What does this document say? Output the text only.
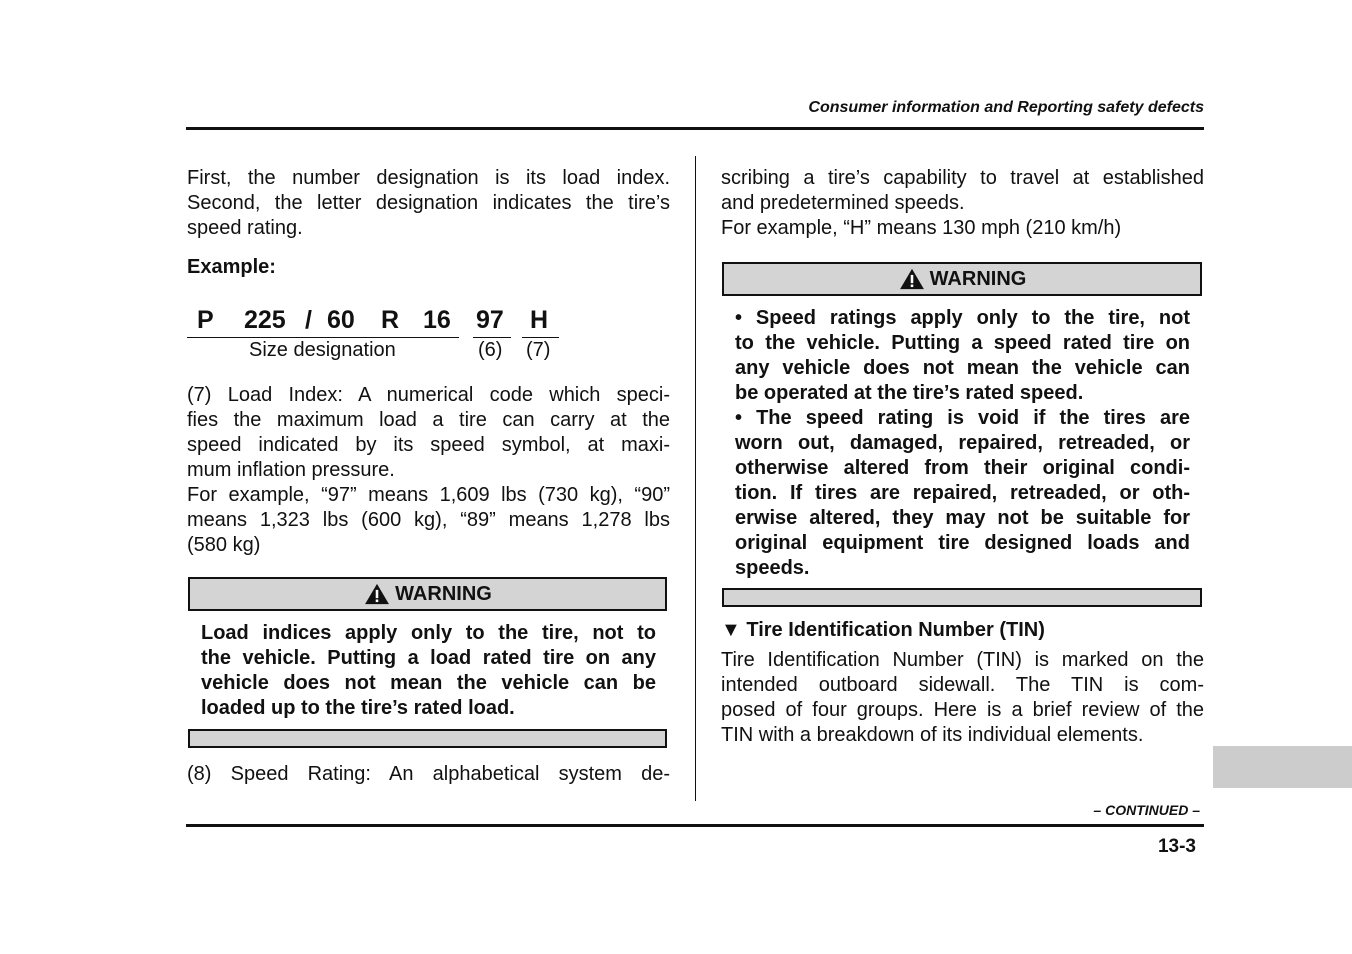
Consumer information and Reporting safety defects
First, the number designation is its load index.
Second, the letter designation indicates the tire’s
speed rating.
Example:
P 225 / 60 R 16 97 H
Size designation	(6) (7)
(7) Load Index: A numerical code which speci-
fies the maximum load a tire can carry at the
speed indicated by its speed symbol, at maxi-
mum inflation pressure.
For example, “97” means 1,609 lbs (730 kg), “90”
means 1,323 lbs (600 kg), “89” means 1,278 lbs
(580 kg)
WARNING
Load indices apply only to the tire, not to
the vehicle. Putting a load rated tire on any
vehicle does not mean the vehicle can be
loaded up to the tire’s rated load.
(8) Speed Rating: An alphabetical system de-
scribing a tire’s capability to travel at established
and predetermined speeds.
For example, “H” means 130 mph (210 km/h)
WARNING
• Speed ratings apply only to the tire, not
to the vehicle. Putting a speed rated tire on
any vehicle does not mean the vehicle can
be operated at the tire’s rated speed.
• The speed rating is void if the tires are
worn out, damaged, repaired, retreaded, or
otherwise altered from their original condi-
tion. If tires are repaired, retreaded, or oth-
erwise altered, they may not be suitable for
original equipment tire designed loads and
speeds.
▼ Tire Identification Number (TIN)
Tire Identification Number (TIN) is marked on the
intended outboard sidewall. The TIN is com-
posed of four groups. Here is a brief review of the
TIN with a breakdown of its individual elements.
– CONTINUED –
13-3
